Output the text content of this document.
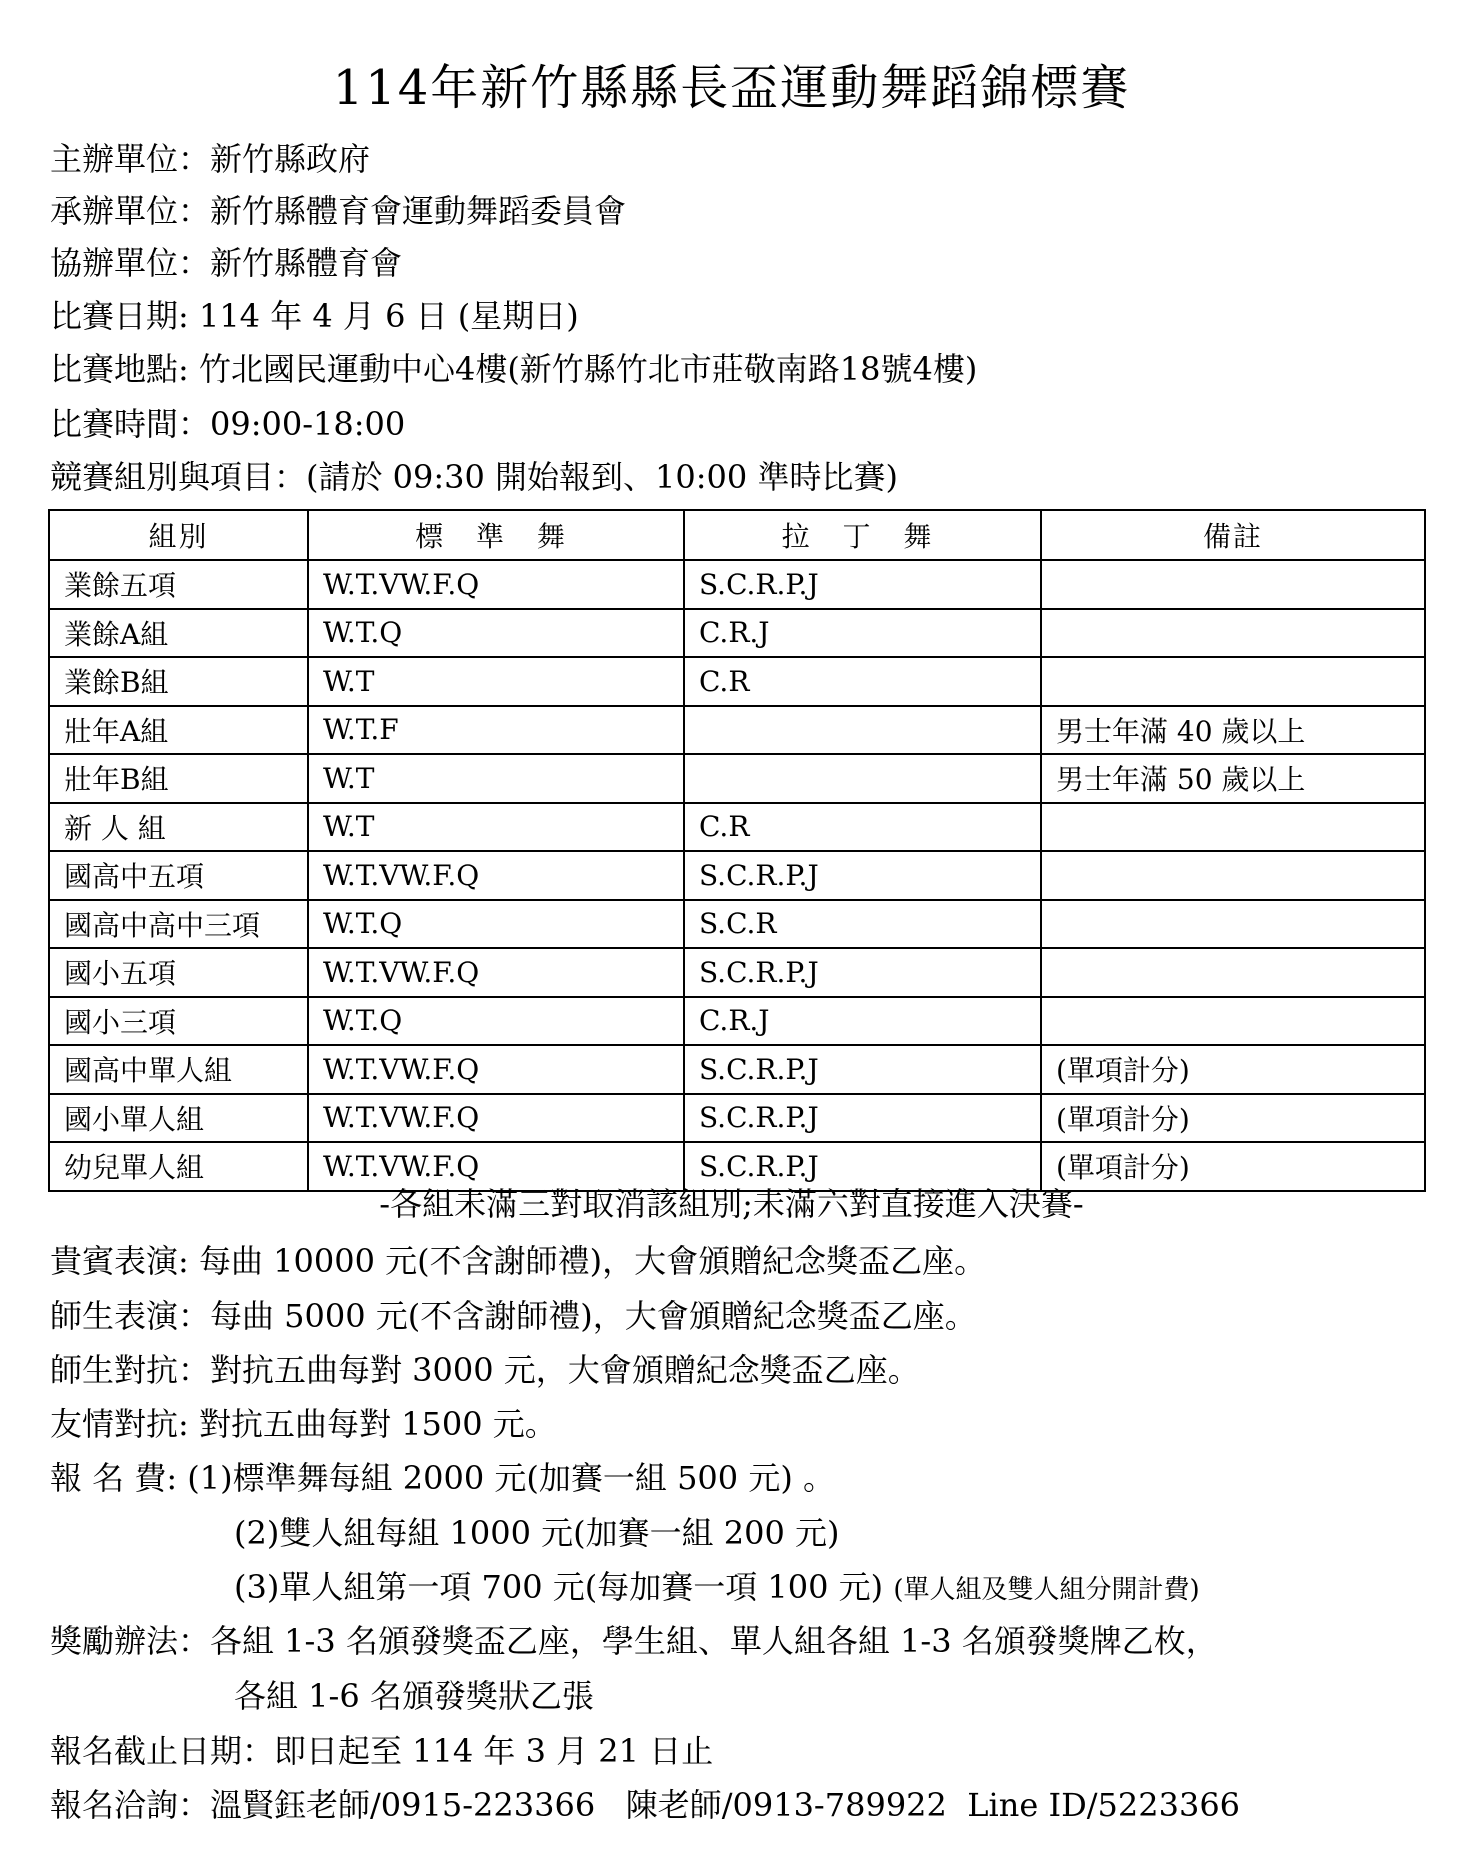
114年新竹縣縣長盃運動舞蹈錦標賽
主辦單位：新竹縣政府
承辦單位：新竹縣體育會運動舞蹈委員會
協辦單位：新竹縣體育會
比賽日期: 114 年 4 月 6 日 (星期日)
比賽地點: 竹北國民運動中心4樓(新竹縣竹北市莊敬南路18號4樓)
比賽時間：09:00-18:00
競賽組別與項目：(請於 09:30 開始報到、10:00 準時比賽)
組別	標 準 舞	拉 丁 舞	備註
業餘五項	W.T.VW.F.Q	S.C.R.P.J	
業餘A組	W.T.Q	C.R.J	
業餘B組	W.T	C.R	
壯年A組	W.T.F		男士年滿 40 歲以上
壯年B組	W.T		男士年滿 50 歲以上
新 人 組	W.T	C.R	
國高中五項	W.T.VW.F.Q	S.C.R.P.J	
國高中高中三項	W.T.Q	S.C.R	
國小五項	W.T.VW.F.Q	S.C.R.P.J	
國小三項	W.T.Q	C.R.J	
國高中單人組	W.T.VW.F.Q	S.C.R.P.J	(單項計分)
國小單人組	W.T.VW.F.Q	S.C.R.P.J	(單項計分)
幼兒單人組	W.T.VW.F.Q	S.C.R.P.J	(單項計分)
-各組未滿三對取消該組別;未滿六對直接進入決賽-
貴賓表演: 每曲 10000 元(不含謝師禮)，大會頒贈紀念獎盃乙座。
師生表演：每曲 5000 元(不含謝師禮)，大會頒贈紀念獎盃乙座。
師生對抗：對抗五曲每對 3000 元，大會頒贈紀念獎盃乙座。
友情對抗: 對抗五曲每對 1500 元。
報 名 費: (1)標準舞每組 2000 元(加賽一組 500 元) 。
(2)雙人組每組 1000 元(加賽一組 200 元)
(3)單人組第一項 700 元(每加賽一項 100 元) (單人組及雙人組分開計費)
獎勵辦法：各組 1-3 名頒發獎盃乙座，學生組、單人組各組 1-3 名頒發獎牌乙枚，
各組 1-6 名頒發獎狀乙張
報名截止日期：即日起至 114 年 3 月 21 日止
報名洽詢：溫賢鈺老師/0915-223366   陳老師/0913-789922  Line ID/5223366
